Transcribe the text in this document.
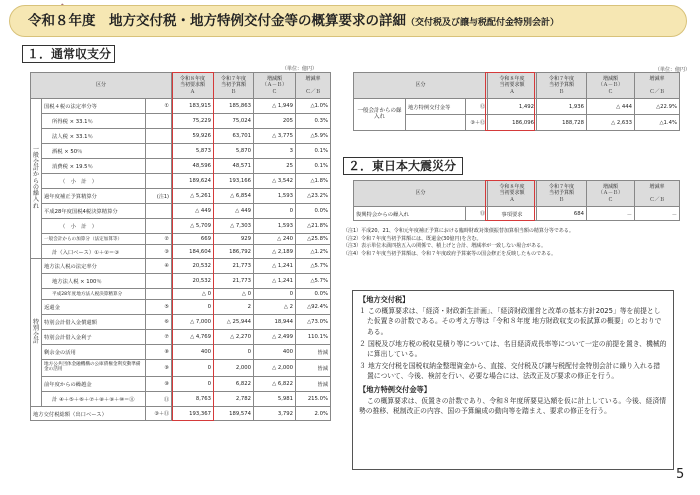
令和８年度　地方交付税・地方特例交付金等の概算要求の詳細（交付税及び譲与税配付金特別会計）
１．通常収支分
（単位：億円）
区分			令和８年度
当初要求額
Ａ	令和７年度
当初予算額
Ｂ	増減額
（Ａ－Ｂ）
Ｃ	増減率

Ｃ／Ｂ
一般会計からの繰入れ	国税４税の法定率分等	①	183,915	185,863	△ 1,949	△1.0%
	所得税 × 33.1％		75,229	75,024	205	0.3%
	法人税 × 33.1％		59,926	63,701	△ 3,775	△5.9%
	酒税 × 50％		5,873	5,870	3	0.1%
	消費税 × 19.5％		48,596	48,571	25	0.1%
	（　小　計　）		189,624	193,166	△ 3,542	△1.8%
	過年度補正予算精算分	(注1)	△ 5,261	△ 6,854	1,593	△23.2%
	平成28年度国税4税決算精算分		△ 449	△ 449	0	0.0%
	（　小　計　）		△ 5,709	△ 7,303	1,593	△21.8%
	一般会計からの加算分（法定加算等）	②	669	929	△ 240	△25.8%
	計（入口ベース）①＋②＝③	③	184,604	186,792	△ 2,189	△1.2%
特別会計	地方法人税の法定率分	④	20,532	21,773	△ 1,241	△5.7%
	地方法人税 × 100％		20,532	21,773	△ 1,241	△5.7%
	平成28年度地方法人税決算精算分		△ 0	△ 0	0	0.0%
	返還金	⑤	0	2	△ 2	△92.4%
	特別会計借入金償還額	⑥	△ 7,000	△ 25,944	18,944	△73.0%
	特別会計借入金利子	⑦	△ 4,769	△ 2,270	△ 2,499	110.1%
	剰余金の活用	⑧	400	0	400	皆減
	地方公共団体金融機構の公庫債権金利変動準備金の活用	⑨	0	2,000	△ 2,000	皆減
	前年度からの繰越金	⑩	0	6,822	△ 6,822	皆減
	計 ④＋⑤＋⑥＋⑦＋⑧＋⑨＋⑩＝⑪	⑪	8,763	2,782	5,981	215.0%
地方交付税総額（出口ベース）		③＋⑪	193,367	189,574	3,792	2.0%
（単位：億円）
区分			令和８年度
当初要求額
Ａ	令和７年度
当初予算額
Ｂ	増減額
（Ａ－Ｂ）
Ｃ	増減率

Ｃ／Ｂ
一般会計からの繰入れ	地方特例交付金等	⑫	1,492	1,936	△ 444	△22.9%
		③＋⑫	186,096	188,728	△ 2,633	△1.4%
２．東日本大震災分
区分		令和８年度
当初要求額
Ａ	令和７年度
当初予算額
Ｂ	増減額
（Ａ－Ｂ）
Ｃ	増減率

Ｃ／Ｂ
復興特会からの繰入れ	⑬	事項要求	684	－	－
（注1）平成20、21、令和元年度補正予算における臨時財政対策債振替加算相当額の精算分等である。
（注2）令和７年度当初予算額には、既還金(30億円)を含む。
（注3）表示単位未満四捨五入の関係で、積上げと合計、増減率が一致しない場合がある。
（注4）令和７年度当初予算額は、令和７年度政府予算案等の国会修正を反映したものである。
【地方交付税】
１ この概算要求は、「経済・財政新生計画」、「経済財政運営と改革の基本方針2025」等を前提とした仮置きの計数である。その考え方等は「令和８年度 地方財政収支の仮試算の概要」のとおりである。
２ 国税及び地方税の税収見積り等については、名目経済成長率等について一定の前提を置き、機械的に算出している。
３ 地方交付税を国税収納金整理資金から、直接、交付税及び譲与税配付金特別会計に繰り入れる措置について、今後、検討を行い、必要な場合には、法改正及び要求の修正を行う。
【地方特例交付金等】
この概算要求は、仮置きの計数であり、令和８年度所要見込額を仮に計上している。今後、経済情勢の推移、税制改正の内容、国の予算編成の動向等を踏まえ、要求の修正を行う。
5
